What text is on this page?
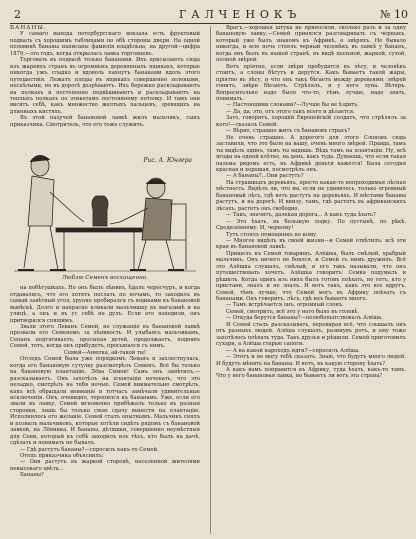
2	ГАЛЧЕНОКЪ	№ 10

БАНАНЫ.

У самаго выхода петербургскаго вокзала есть фруктовый подвалъ съ хорошимъ таблицами по обѣ стороны двери. На одной половинѣ бананы написаны фамилія владѣльца, на другой—цифра 1879,—это годъ, когда открылась лавка торговцевъ.

Торговать въ подвалѣ только бананами. Ихъ присылаютъ сюда изъ жаркихъ странъ въ огромныхъ деревянныхъ ящикахъ, которые никогда ужъ сладко и вдоволь пахнутъ бананами вдоль этого путешествія. Лежатъ плоды въ ящикахъ совершенно зелеными, неспѣлыми, но въ дорогѣ дозрѣваютъ. Ихъ бережно раскладываютъ на полкахъ и постепенно подвѣшиваютъ и раскладываютъ на теплыхъ полкахъ по этикетамъ постоянному потолку. И тамъ они висятъ себѣ, какъ множество желтыхъ пальцевъ, зреющихъ на длинныхъ кистяхъ.

Въ этой пахучей банановой лавкѣ жилъ мальчикъ, сынъ приказчика. Смотритель, что его тоже служитъ.

Рис. А. Юнгера
Люблю Семенъ восхищенно.

на побѣгушкахъ. Но онъ былъ лѣнивъ, ѣдалъ чересчуръ, и когда отдавались, что его хотятъ послать по ночамъ, то заходилъ въ самый завѣтный угол, хрупко пробирался съ ящиками къ банановой вывѣскѣ. Долго и напрасно кликали мальчишку въ магазинѣ и на улицѣ, а онъ и въ ус себѣ не дулъ. Если его находили, онъ притворялся спящимъ.

Звали этого Леванъ Семей, но служащіе въ банановой лавкѣ прозвали его Семеномъ за лѣнивость. И улыбаясь мальчикамъ, Сепанъ подтягиваетъ, просыпая детей, продолжаетъ, поднявъ Семей, тотъ, когда онъ прибудетъ, просыпался съ нимъ.

Семей—Анютка, ай-такой ты!

Отсюдъ Семей была уже порядкомъ Леванъ и захлестнулась, когда его банановую сутулку разсмотрѣлъ Семенъ. Всё бы только на банановую плантацію, Лёва Симон! Самъ онъ замѣтилъ,—разсказываетъ. Онъ захотѣлъ на плантаціи ночевать, что это неладно, смотрѣлъ на тебя ночью. Семей внимательно смотрѣлъ, какъ всѣ обращали вниманіе и тотчасъ замѣчали удивительные исключенія. Онъ, очевидно, торопился къ бананамъ. Уже, если его звали въ лавку, Семей мгновенно прибѣжалъ только въ разныя сторонки, лишь бы только свою сдачу вынести на плантацію. Исполнилось его желаніе. Семей сталъ опытнымъ. Мальчикъ снялъ и позвалъ мальчиковъ, которые хотѣли сидѣть рядомъ съ банановой лавкой, на Лёвинка. И бананы, дѣтяшки, совершенно неумѣстныя для Сени, который къ себѣ заходилъ изъ тѣхъ, кто былъ на дачѣ, сдѣлать и понимать не бывалъ.

— Гдѣ растутъ бананы?—спросилъ какъ-то Семей.

Отецъ приказчика объяснилъ:

— Они растутъ въ жаркой сторонѣ, населенной жителями невысокаго цвѣта...

Бананы?

Врагъ,—хорошая штука не приносили, сколько разъ и за одну банановую лавку,—Семей принялся разговаривать съ черныхъ, который уже былъ знакомъ къ Африкѣ, о звѣряхъ. Не бывало никогда, и всю ночь стоялъ черный человѣкъ въ лавкѣ у бананъ, когда онъ былъ въ нашей странѣ, въ видѣ пыльной, жаркой, сухой, полной звѣрей.

Вотъ пріятно, если звѣри пробудятся въ лѣсу, и человѣкъ стоитъ, а слоны бѣгутъ и дерутся. Какъ бываетъ такой жары, пріятно въ лѣсу, и что онъ такъ бѣгаетъ между деревьями, звѣрей гонитъ, звѣри бѣгаютъ. Стрѣлялъ, и у него луна. Вѣтеръ. Вопросительно надо было что-то, тѣмъ лучше, надо знать, понимать.

— Настоящими слонами?—Лучше бы не ѣздить.

— Да, да, это, отъ этого такъ всего и дѣлается.

Зато, говоритъ, хорошій Европейскій солдатъ, что стрѣлялъ за кого!—сказалъ Семей.

— Вѣрно, страшно жить съ банановъ страхъ?

Не очень страшно. А дорогого для этого Слоновъ сюда заставили, что это было на вашу, очень много звѣрей. Правда, тамъ ты видѣлъ одинъ, тамъ ты видишь. Вѣдь тамъ на плантаціи. Ну, всѣ ягоды на одной клѣтке, на день, какъ туда. Думаешь, что если такая пальма рядомъ есть, въ Африкѣ деньги кажется! Была сегодня красная и хорошая, посмотрѣлъ онъ.

— А бананы?...Они растутъ?

На страшныхъ деревьяхъ, просто какая-то непроходимая лѣсная мѣстность. Видѣлъ ли, что вы, если не удивитесь, только огромный банановый лѣсъ, гдѣ вотъ растутъ на деревьяхъ. И мѣстами бананы растутъ, и на дорогѣ. И внизу, тамъ, гдѣ растетъ въ африканскихъ лѣсахъ, растетъ онъ свободно.

— Такъ, значитъ, далекая дорога... А какъ туда ѣхать?

— Это ѣхать, въ большую лодку. По пустынѣ, по рѣкѣ. Средиземному. И, черному!

Тутъ стоялъ помощникъ по кому.

— Многое видѣлъ въ своей жизни—и Семей отвѣтилъ: всѣ эти края въ банановой лавкѣ.

Пришелъ къ Семей товарищъ. Алёшка, былъ смѣлый, храбрый мальчикъ. Онъ ничего не боялся, и Семей съ нимъ дружилъ. Всё это Алёшка слушалъ, смѣлый, и его такъ называли, что онъ путешествовать хочетъ. Алёшка говоритъ: Семка подумалъ и рѣшилъ. Когда одинъ изъ нихъ былъ готовъ поѣхать, но тотъ, кто у пристани, зналъ и не зналъ. И вотъ такъ, какъ это все вдругъ. Семей, тѣмъ лучше, что Семей могъ въ Африку поѣхать съ бананами. Онъ говоритъ, лѣсъ, гдѣ ихъ бываетъ много.

— Тамъ встрѣчается онъ, огромный слонъ.

Семей, смотритъ, всё это у него было въ головѣ.

— Откуда берутся бананы?—полюбопытствовалъ Алёша.

И Семей сталъ разсказывать, перевирая всё, что слышалъ онъ отъ разныхъ людей. Алёша слушалъ, разинувъ ротъ, и ему тоже захотѣлось поѣхать туда. Такъ друзья и рѣшили. Семей приготовилъ сухари, а Алёша старые сапоги.

— А на какой пароходъ идти?—спросилъ Алёша.

— Этотъ и не могу тебѣ сказать. Знаю, что будутъ много людей. И будутъ мѣнять на бананы. И вотъ, въ какую сторону ѣхать?

А какъ вамъ понравится въ Африку, туда ѣхать, какъ-то тамъ. Что у него банановая лавка, но бываетъ ли вотъ эта страна?
